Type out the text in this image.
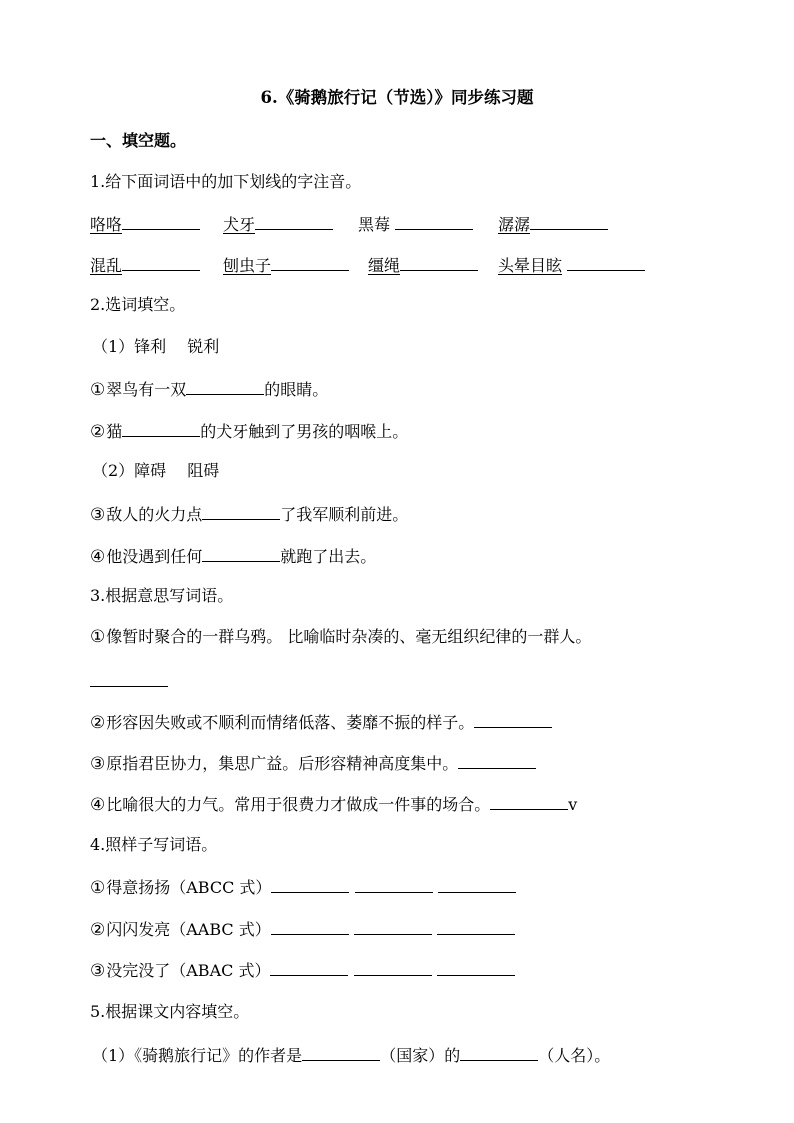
6.《骑鹅旅行记（节选）》同步练习题
一、填空题。
1.给下面词语中的加下划线的字注音。
咯咯	犬牙	黑莓	潺潺
混乱	刨虫子	缰绳	头晕目眩
2.选词填空。
（1）锋利　 锐利
①翠鸟有一双	的眼睛。
②猫	的犬牙触到了男孩的咽喉上。
（2）障碍　 阻碍
③敌人的火力点	了我军顺利前进。
④他没遇到任何	就跑了出去。
3.根据意思写词语。
①像暂时聚合的一群乌鸦。 比喻临时杂凑的、毫无组织纪律的一群人。
②形容因失败或不顺利而情绪低落、萎靡不振的样子。
③原指君臣协力，集思广益。后形容精神高度集中。
④比喻很大的力气。常用于很费力才做成一件事的场合。	v
4.照样子写词语。
①得意扬扬（ABCC 式）
②闪闪发亮（AABC 式）
③没完没了（ABAC 式）
5.根据课文内容填空。
（1）《骑鹅旅行记》的作者是	（国家）的	（人名）。
